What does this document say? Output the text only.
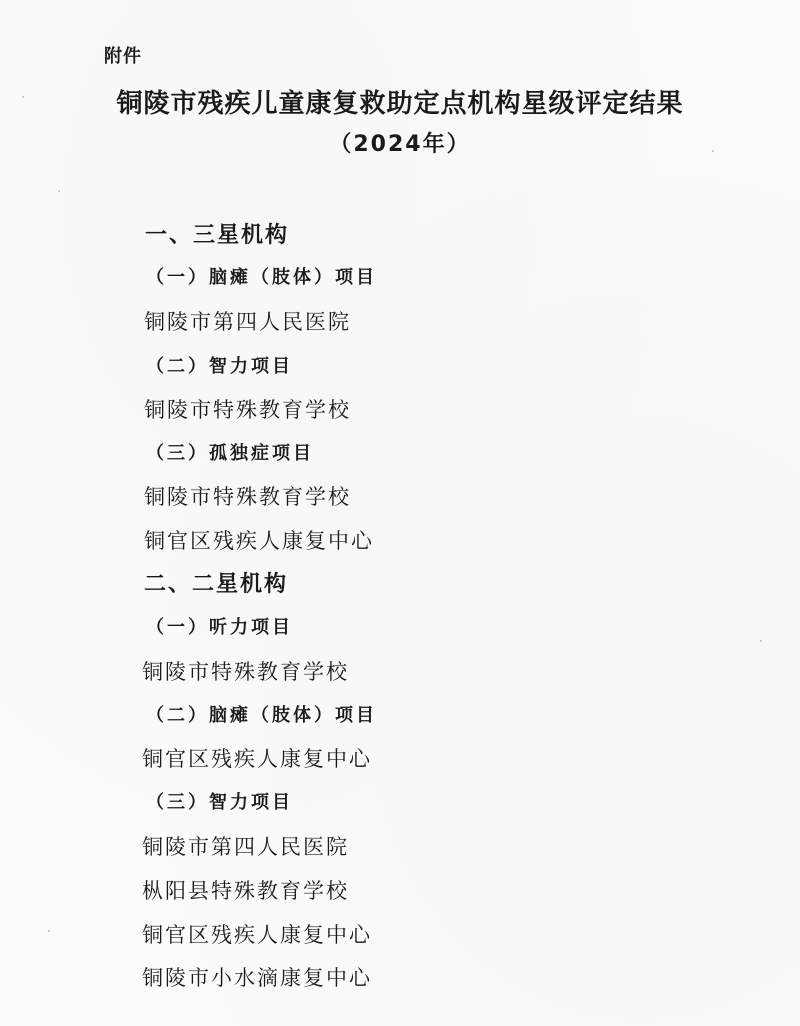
附件
铜陵市残疾儿童康复救助定点机构星级评定结果
（2024年）
一、三星机构
（一）脑瘫（肢体）项目
铜陵市第四人民医院
（二）智力项目
铜陵市特殊教育学校
（三）孤独症项目
铜陵市特殊教育学校
铜官区残疾人康复中心
二、二星机构
（一）听力项目
铜陵市特殊教育学校
（二）脑瘫（肢体）项目
铜官区残疾人康复中心
（三）智力项目
铜陵市第四人民医院
枞阳县特殊教育学校
铜官区残疾人康复中心
铜陵市小水滴康复中心
